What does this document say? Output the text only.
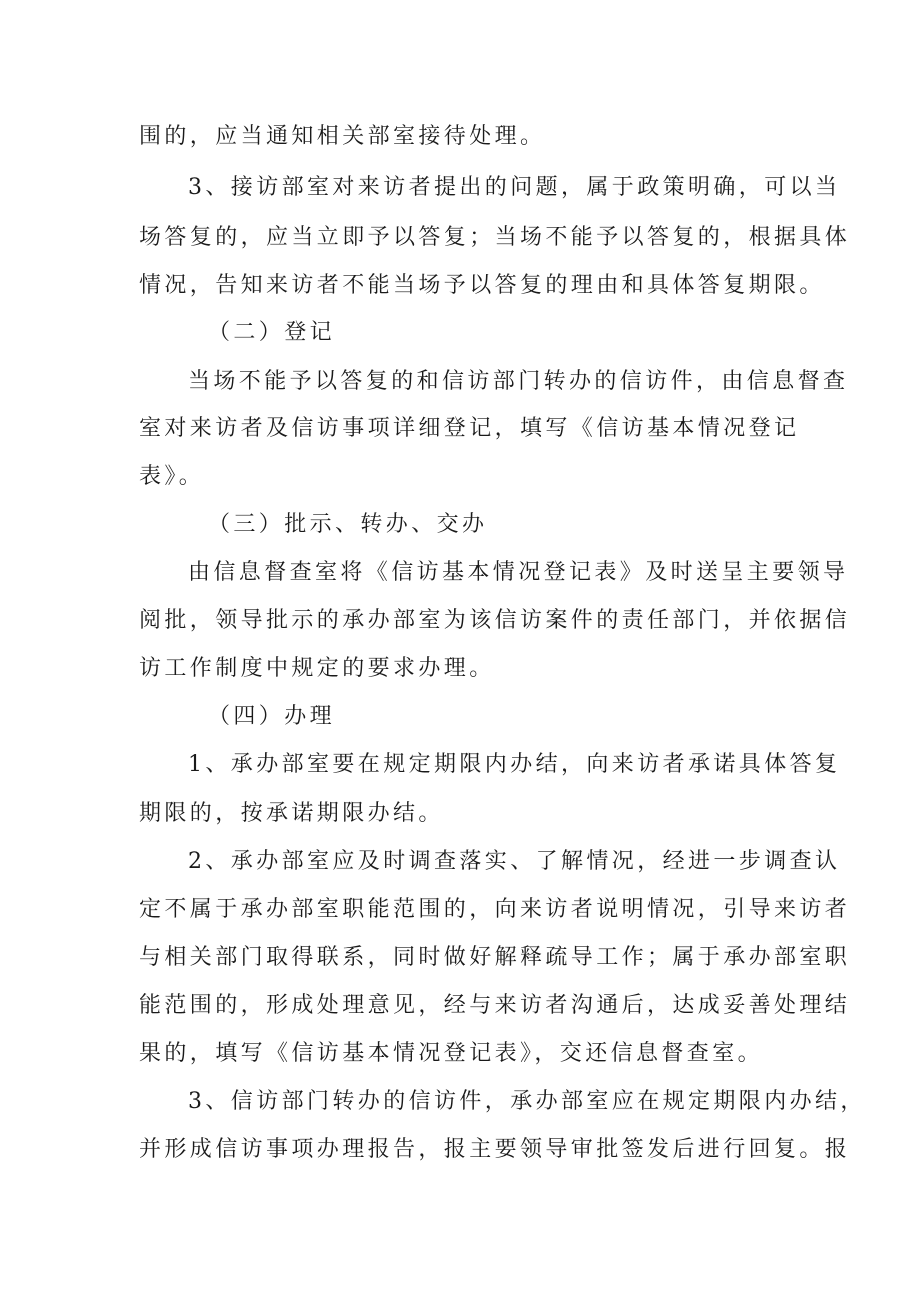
围的，应当通知相关部室接待处理。
3、接访部室对来访者提出的问题，属于政策明确，可以当
场答复的，应当立即予以答复；当场不能予以答复的，根据具体
情况，告知来访者不能当场予以答复的理由和具体答复期限。
（二）登记
当场不能予以答复的和信访部门转办的信访件，由信息督查
室对来访者及信访事项详细登记，填写《信访基本情况登记
表》。
（三）批示、转办、交办
由信息督查室将《信访基本情况登记表》及时送呈主要领导
阅批，领导批示的承办部室为该信访案件的责任部门，并依据信
访工作制度中规定的要求办理。
（四）办理
1、承办部室要在规定期限内办结，向来访者承诺具体答复
期限的，按承诺期限办结。
2、承办部室应及时调查落实、了解情况，经进一步调查认
定不属于承办部室职能范围的，向来访者说明情况，引导来访者
与相关部门取得联系，同时做好解释疏导工作；属于承办部室职
能范围的，形成处理意见，经与来访者沟通后，达成妥善处理结
果的，填写《信访基本情况登记表》，交还信息督查室。
3、信访部门转办的信访件，承办部室应在规定期限内办结，
并形成信访事项办理报告，报主要领导审批签发后进行回复。报
